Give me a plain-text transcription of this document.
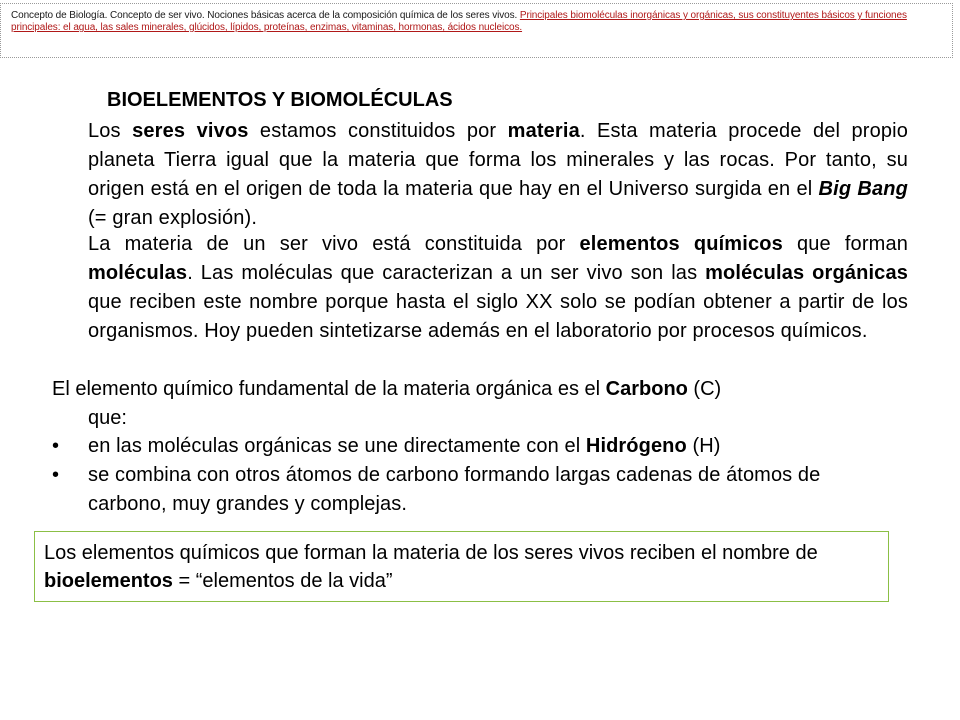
Concepto de Biología. Concepto de ser vivo. Nociones básicas acerca de la composición química de los seres vivos. Principales biomoléculas inorgánicas y orgánicas, sus constituyentes básicos y funciones principales: el agua, las sales minerales, glúcidos, lípidos, proteínas, enzimas, vitaminas, hormonas, ácidos nucleicos.
BIOELEMENTOS Y BIOMOLÉCULAS

Los seres vivos estamos constituidos por materia. Esta materia procede del propio planeta Tierra igual que la materia que forma los minerales y las rocas. Por tanto, su origen está en el origen de toda la materia que hay en el Universo surgida en el Big Bang (= gran explosión).

La materia de un ser vivo está constituida por elementos químicos que forman moléculas. Las moléculas que caracterizan a un ser vivo son las moléculas orgánicas que reciben este nombre porque hasta el siglo XX solo se podían obtener a partir de los organismos. Hoy pueden sintetizarse además en el laboratorio por procesos químicos.

El elemento químico fundamental de la materia orgánica es el Carbono (C)
que:

• en las moléculas orgánicas se une directamente con el Hidrógeno (H)
• se combina con otros átomos de carbono formando largas cadenas de átomos de carbono, muy grandes y complejas.
Los elementos químicos que forman la materia de los seres vivos reciben el nombre de bioelementos = “elementos de la vida”
